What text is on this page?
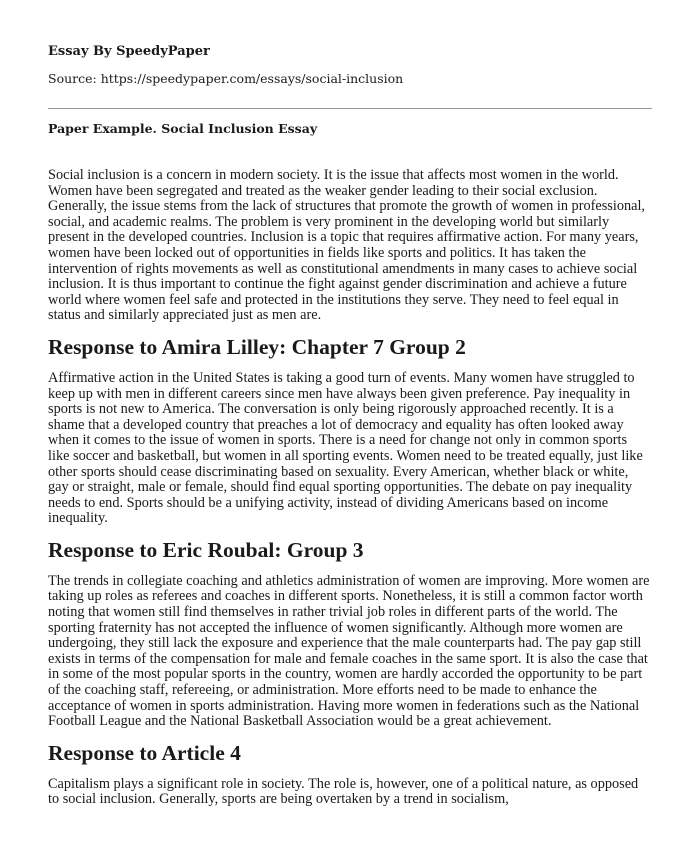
Essay By SpeedyPaper
Source: https://speedypaper.com/essays/social-inclusion
Paper Example. Social Inclusion Essay

Social inclusion is a concern in modern society. It is the issue that affects most women in the world. Women have been segregated and treated as the weaker gender leading to their social exclusion. Generally, the issue stems from the lack of structures that promote the growth of women in professional, social, and academic realms. The problem is very prominent in the developing world but similarly present in the developed countries. Inclusion is a topic that requires affirmative action. For many years, women have been locked out of opportunities in fields like sports and politics. It has taken the intervention of rights movements as well as constitutional amendments in many cases to achieve social inclusion. It is thus important to continue the fight against gender discrimination and achieve a future world where women feel safe and protected in the institutions they serve. They need to feel equal in status and similarly appreciated just as men are.

Response to Amira Lilley: Chapter 7 Group 2

Affirmative action in the United States is taking a good turn of events. Many women have struggled to keep up with men in different careers since men have always been given preference. Pay inequality in sports is not new to America. The conversation is only being rigorously approached recently. It is a shame that a developed country that preaches a lot of democracy and equality has often looked away when it comes to the issue of women in sports. There is a need for change not only in common sports like soccer and basketball, but women in all sporting events. Women need to be treated equally, just like other sports should cease discriminating based on sexuality. Every American, whether black or white, gay or straight, male or female, should find equal sporting opportunities. The debate on pay inequality needs to end. Sports should be a unifying activity, instead of dividing Americans based on income inequality.

Response to Eric Roubal: Group 3

The trends in collegiate coaching and athletics administration of women are improving. More women are taking up roles as referees and coaches in different sports. Nonetheless, it is still a common factor worth noting that women still find themselves in rather trivial job roles in different parts of the world. The sporting fraternity has not accepted the influence of women significantly. Although more women are undergoing, they still lack the exposure and experience that the male counterparts had. The pay gap still exists in terms of the compensation for male and female coaches in the same sport. It is also the case that in some of the most popular sports in the country, women are hardly accorded the opportunity to be part of the coaching staff, refereeing, or administration. More efforts need to be made to enhance the acceptance of women in sports administration. Having more women in federations such as the National Football League and the National Basketball Association would be a great achievement.

Response to Article 4

Capitalism plays a significant role in society. The role is, however, one of a political nature, as opposed to social inclusion. Generally, sports are being overtaken by a trend in socialism,
